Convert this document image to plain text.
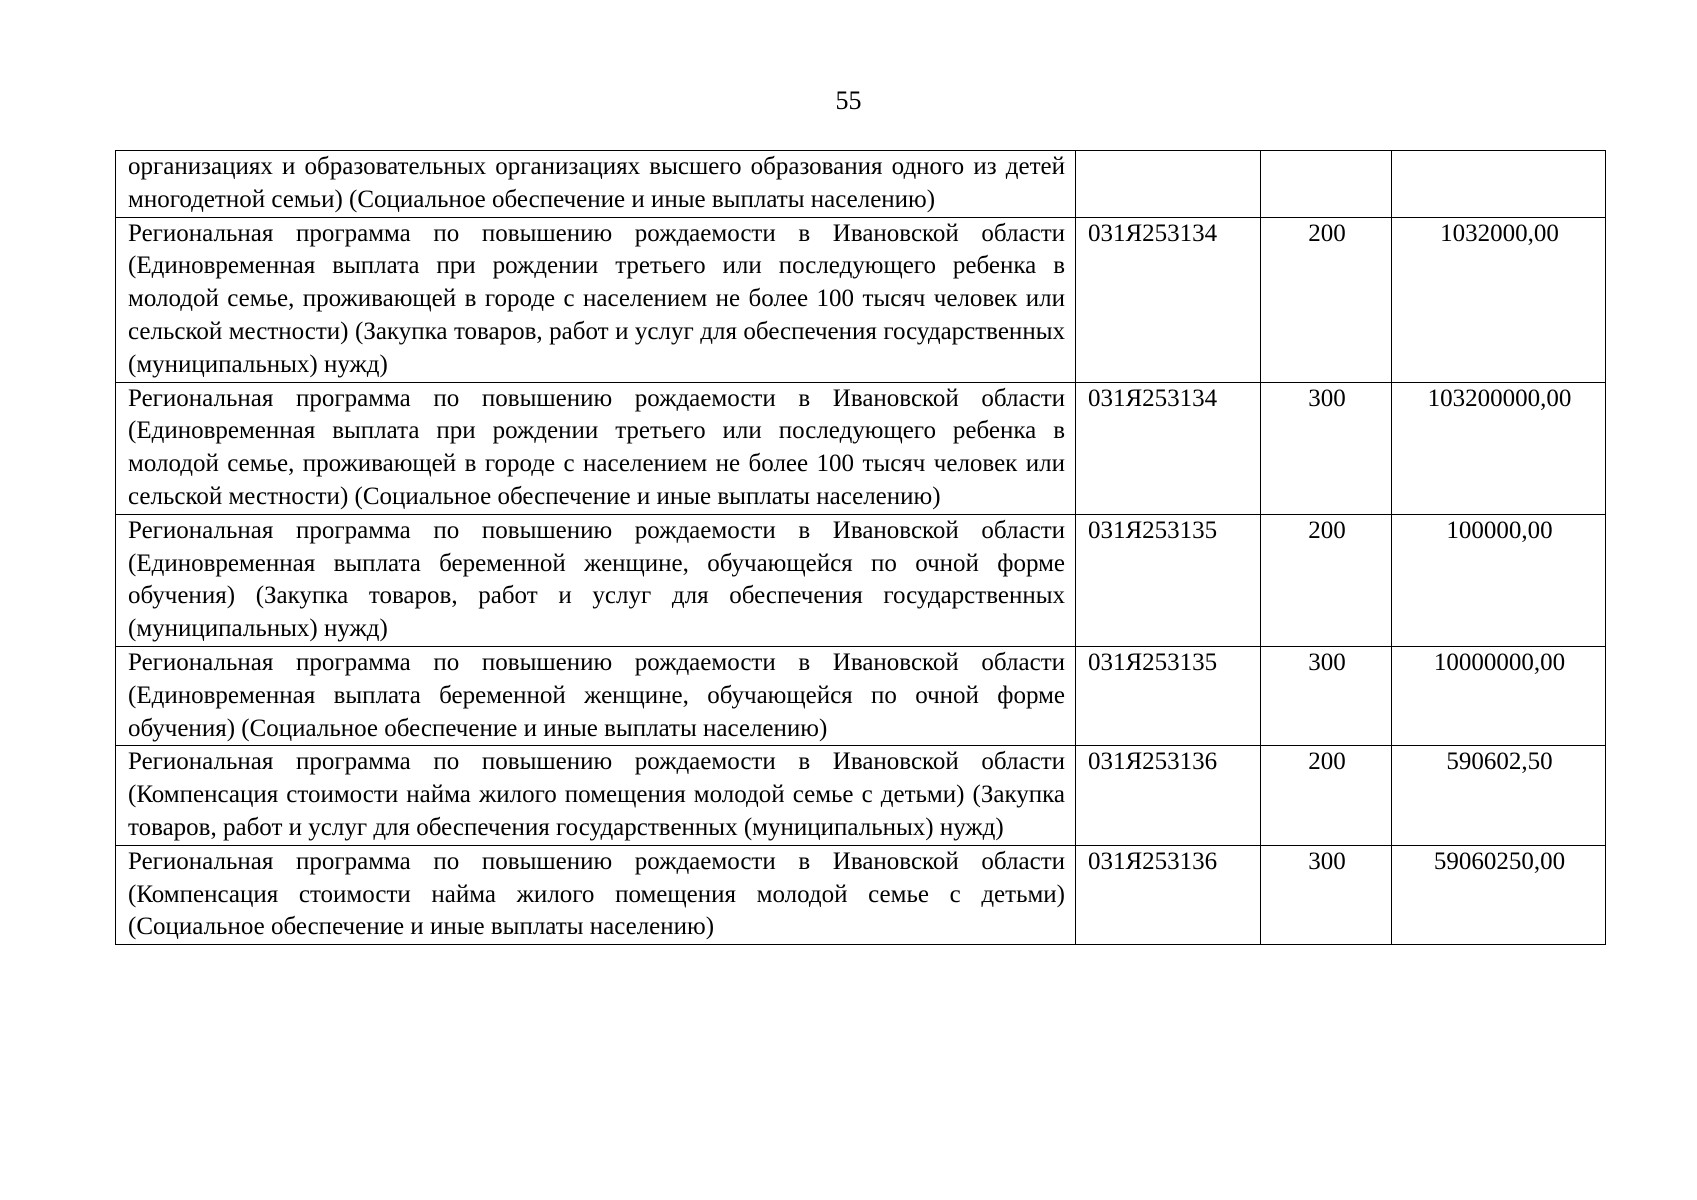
55
организациях и образовательных организациях высшего образования одного из детей многодетной семьи) (Социальное обеспечение и иные выплаты населению)			
Региональная программа по повышению рождаемости в Ивановской области (Единовременная выплата при рождении третьего или последующего ребенка в молодой семье, проживающей в городе с населением не более 100 тысяч человек или сельской местности) (Закупка товаров, работ и услуг для обеспечения государственных (муниципальных) нужд)	031Я253134	200	1032000,00
Региональная программа по повышению рождаемости в Ивановской области (Единовременная выплата при рождении третьего или последующего ребенка в молодой семье, проживающей в городе с населением не более 100 тысяч человек или сельской местности) (Социальное обеспечение и иные выплаты населению)	031Я253134	300	103200000,00
Региональная программа по повышению рождаемости в Ивановской области (Единовременная выплата беременной женщине, обучающейся по очной форме обучения) (Закупка товаров, работ и услуг для обеспечения государственных (муниципальных) нужд)	031Я253135	200	100000,00
Региональная программа по повышению рождаемости в Ивановской области (Единовременная выплата беременной женщине, обучающейся по очной форме обучения) (Социальное обеспечение и иные выплаты населению)	031Я253135	300	10000000,00
Региональная программа по повышению рождаемости в Ивановской области (Компенсация стоимости найма жилого помещения молодой семье с детьми) (Закупка товаров, работ и услуг для обеспечения государственных (муниципальных) нужд)	031Я253136	200	590602,50
Региональная программа по повышению рождаемости в Ивановской области (Компенсация стоимости найма жилого помещения молодой семье с детьми) (Социальное обеспечение и иные выплаты населению)	031Я253136	300	59060250,00
